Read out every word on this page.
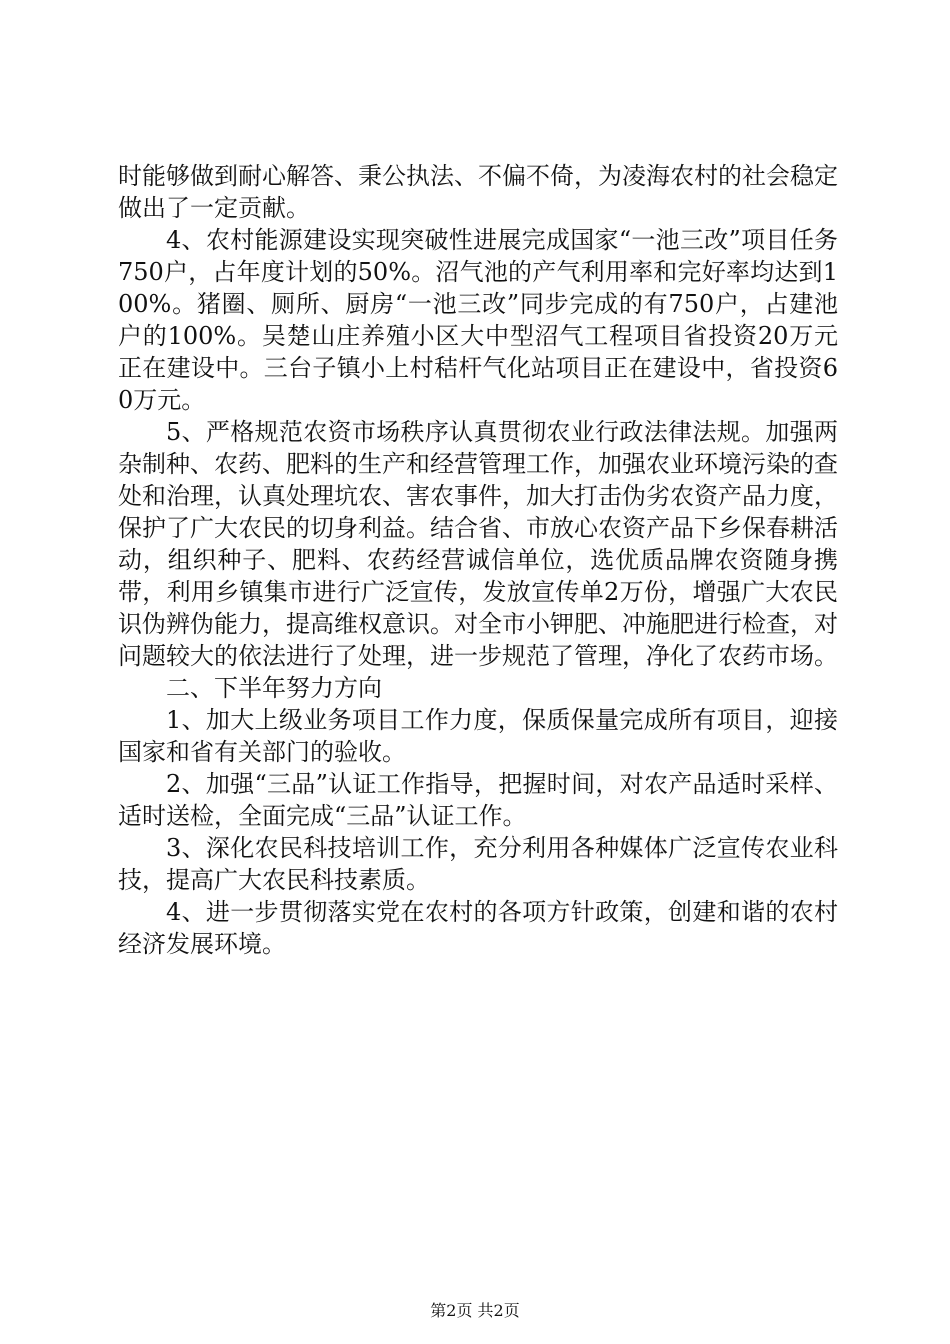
时能够做到耐心解答、秉公执法、不偏不倚，为凌海农村的社会稳定做出了一定贡献。

4、农村能源建设实现突破性进展完成国家“一池三改”项目任务750户，占年度计划的50%。沼气池的产气利用率和完好率均达到100%。猪圈、厕所、厨房“一池三改”同步完成的有750户，占建池户的100%。吴楚山庄养殖小区大中型沼气工程项目省投资20万元正在建设中。三台子镇小上村秸杆气化站项目正在建设中，省投资60万元。

5、严格规范农资市场秩序认真贯彻农业行政法律法规。加强两杂制种、农药、肥料的生产和经营管理工作，加强农业环境污染的查处和治理，认真处理坑农、害农事件，加大打击伪劣农资产品力度，保护了广大农民的切身利益。结合省、市放心农资产品下乡保春耕活动，组织种子、肥料、农药经营诚信单位，选优质品牌农资随身携带，利用乡镇集市进行广泛宣传，发放宣传单2万份，增强广大农民识伪辨伪能力，提高维权意识。对全市小钾肥、冲施肥进行检查，对问题较大的依法进行了处理，进一步规范了管理，净化了农药市场。

二、下半年努力方向

1、加大上级业务项目工作力度，保质保量完成所有项目，迎接国家和省有关部门的验收。

2、加强“三品”认证工作指导，把握时间，对农产品适时采样、适时送检，全面完成“三品”认证工作。

3、深化农民科技培训工作，充分利用各种媒体广泛宣传农业科技，提高广大农民科技素质。

4、进一步贯彻落实党在农村的各项方针政策，创建和谐的农村经济发展环境。

第2页 共2页
